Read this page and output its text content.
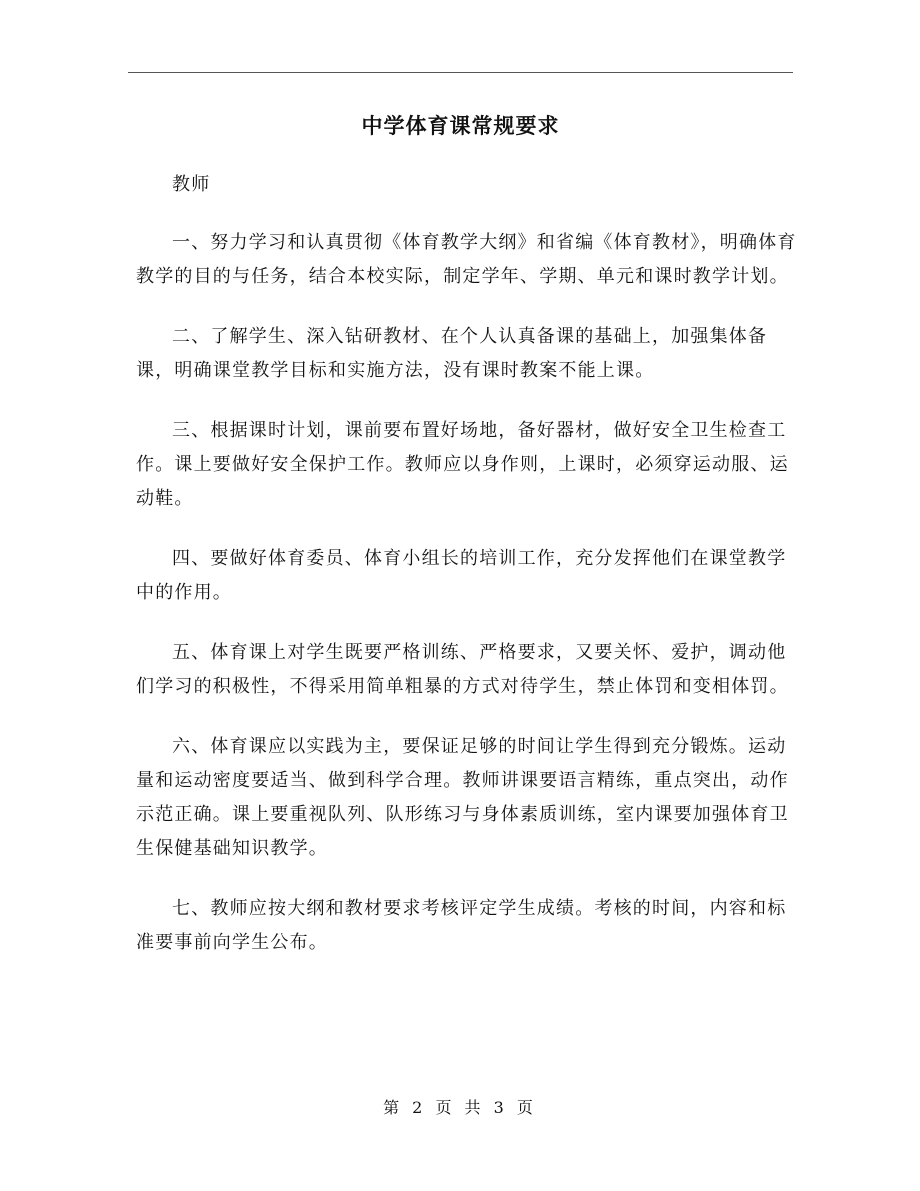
中学体育课常规要求

教师

一、努力学习和认真贯彻《体育教学大纲》和省编《体育教材》，明确体育教学的目的与任务，结合本校实际，制定学年、学期、单元和课时教学计划。

二、了解学生、深入钻研教材、在个人认真备课的基础上，加强集体备课，明确课堂教学目标和实施方法，没有课时教案不能上课。

三、根据课时计划，课前要布置好场地，备好器材，做好安全卫生检查工作。课上要做好安全保护工作。教师应以身作则，上课时，必须穿运动服、运动鞋。

四、要做好体育委员、体育小组长的培训工作，充分发挥他们在课堂教学中的作用。

五、体育课上对学生既要严格训练、严格要求，又要关怀、爱护，调动他们学习的积极性，不得采用简单粗暴的方式对待学生，禁止体罚和变相体罚。

六、体育课应以实践为主，要保证足够的时间让学生得到充分锻炼。运动量和运动密度要适当、做到科学合理。教师讲课要语言精练，重点突出，动作示范正确。课上要重视队列、队形练习与身体素质训练，室内课要加强体育卫生保健基础知识教学。

七、教师应按大纲和教材要求考核评定学生成绩。考核的时间，内容和标准要事前向学生公布。

第 2 页 共 3 页
